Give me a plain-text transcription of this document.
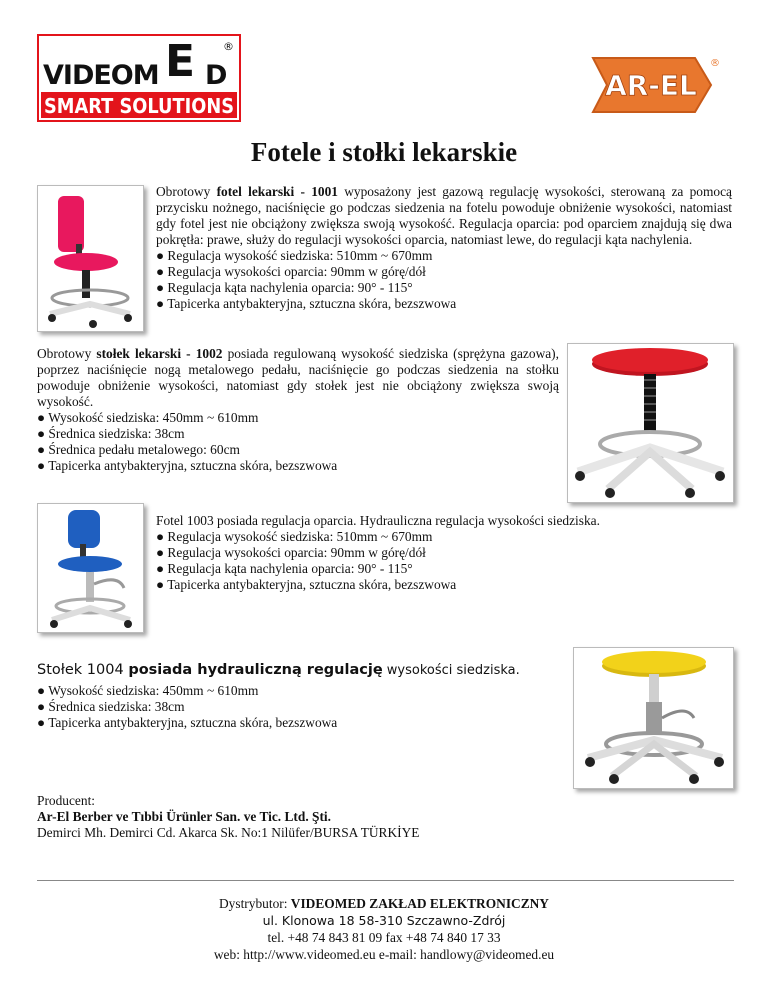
VIDEOM E D
®
SMART SOLUTIONS
AR-EL
®
Fotele i stołki lekarskie

Obrotowy fotel lekarski - 1001 wyposażony jest gazową regulację wysokości, sterowaną za pomocą przycisku nożnego, naciśnięcie go podczas siedzenia na fotelu powoduje obniżenie wysokości, natomiast gdy fotel jest nie obciążony zwiększa swoją wysokość. Regulacja oparcia: pod oparciem znajdują się dwa pokrętła: prawe, służy do regulacji wysokości oparcia, natomiast lewe, do regulacji kąta nachylenia.

● Regulacja wysokość siedziska: 510mm ~ 670mm

● Regulacja wysokości oparcia: 90mm w górę/dół

● Regulacja kąta nachylenia oparcia: 90° - 115°

● Tapicerka antybakteryjna, sztuczna skóra, bezszwowa

Obrotowy stołek lekarski - 1002 posiada regulowaną wysokość siedziska (sprężyna gazowa), poprzez naciśnięcie nogą metalowego pedału, naciśnięcie go podczas siedzenia na stołku powoduje obniżenie wysokości, natomiast gdy stołek jest nie obciążony zwiększa swoją wysokość.

● Wysokość siedziska: 450mm ~ 610mm

● Średnica siedziska: 38cm

● Średnica pedału metalowego: 60cm

● Tapicerka antybakteryjna, sztuczna skóra, bezszwowa

Fotel 1003 posiada regulacja oparcia. Hydrauliczna regulacja wysokości siedziska.

● Regulacja wysokość siedziska: 510mm ~ 670mm

● Regulacja wysokości oparcia: 90mm w górę/dół

● Regulacja kąta nachylenia oparcia: 90° - 115°

● Tapicerka antybakteryjna, sztuczna skóra, bezszwowa

Stołek 1004 posiada hydrauliczną regulację wysokości siedziska.

● Wysokość siedziska: 450mm ~ 610mm

● Średnica siedziska: 38cm

● Tapicerka antybakteryjna, sztuczna skóra, bezszwowa

Producent:

Ar-El Berber ve Tıbbi Ürünler San. ve Tic. Ltd. Şti.

Demirci Mh. Demirci Cd. Akarca Sk. No:1 Nilüfer/BURSA TÜRKİYE

Dystrybutor: VIDEOMED ZAKŁAD ELEKTRONICZNY
ul. Klonowa 18 58-310 Szczawno-Zdrój
tel. +48 74 843 81 09 fax +48 74 840 17 33
web: http://www.videomed.eu e-mail: handlowy@videomed.eu
